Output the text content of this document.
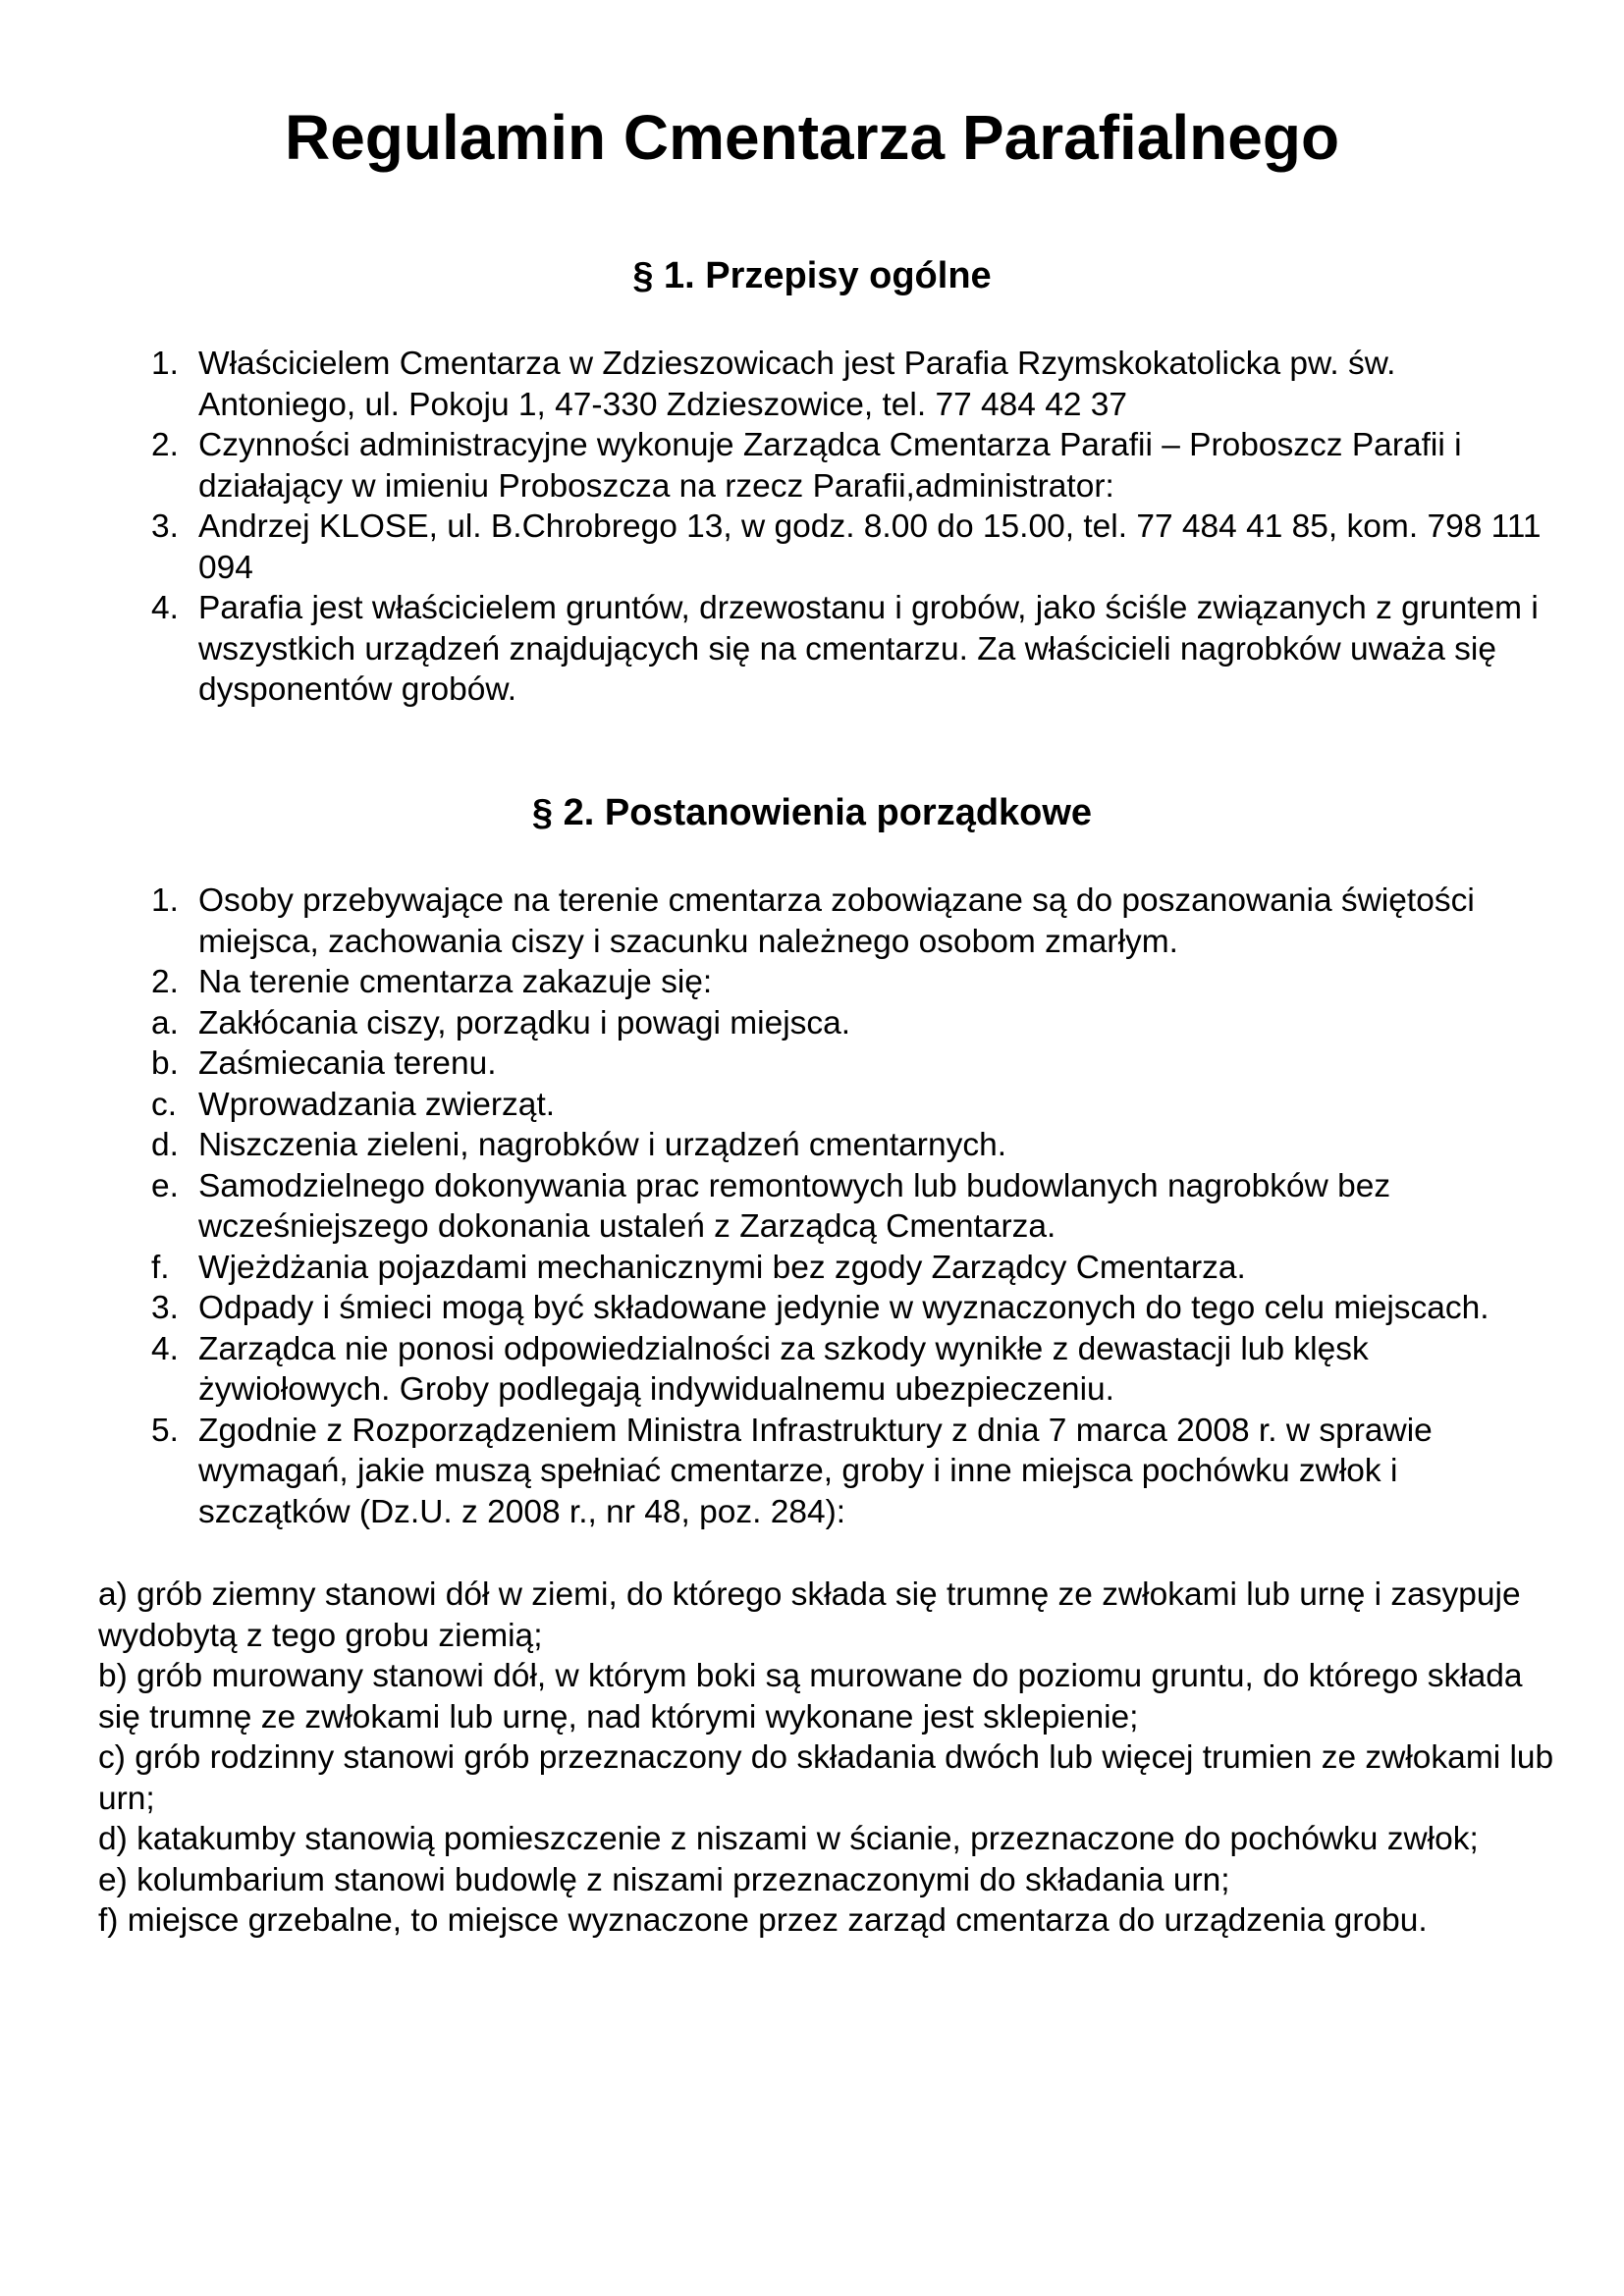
Regulamin Cmentarza Parafialnego
§ 1. Przepisy ogólne
1. Właścicielem Cmentarza w Zdzieszowicach jest Parafia Rzymskokatolicka pw. św. Antoniego, ul. Pokoju 1, 47-330 Zdzieszowice, tel. 77 484 42 37
2. Czynności administracyjne wykonuje Zarządca Cmentarza Parafii – Proboszcz Parafii i działający w imieniu Proboszcza na rzecz Parafii,administrator:
3. Andrzej KLOSE, ul. B.Chrobrego 13, w godz. 8.00 do 15.00, tel. 77 484 41 85, kom. 798 111 094
4. Parafia jest właścicielem gruntów, drzewostanu i grobów, jako ściśle związanych z gruntem i wszystkich urządzeń znajdujących się na cmentarzu. Za właścicieli nagrobków uważa się dysponentów grobów.
§ 2. Postanowienia porządkowe
1. Osoby przebywające na terenie cmentarza zobowiązane są do poszanowania świętości miejsca, zachowania ciszy i szacunku należnego osobom zmarłym.
2. Na terenie cmentarza zakazuje się:
a. Zakłócania ciszy, porządku i powagi miejsca.
b. Zaśmiecania terenu.
c. Wprowadzania zwierząt.
d. Niszczenia zieleni, nagrobków i urządzeń cmentarnych.
e. Samodzielnego dokonywania prac remontowych lub budowlanych nagrobków bez wcześniejszego dokonania ustaleń z Zarządcą Cmentarza.
f. Wjeżdżania pojazdami mechanicznymi bez zgody Zarządcy Cmentarza.
3. Odpady i śmieci mogą być składowane jedynie w wyznaczonych do tego celu miejscach.
4. Zarządca nie ponosi odpowiedzialności za szkody wynikłe z dewastacji lub klęsk żywiołowych. Groby podlegają indywidualnemu ubezpieczeniu.
5. Zgodnie z Rozporządzeniem Ministra Infrastruktury z dnia 7 marca 2008 r. w sprawie wymagań, jakie muszą spełniać cmentarze, groby i inne miejsca pochówku zwłok i szczątków (Dz.U. z 2008 r., nr 48, poz. 284):

a) grób ziemny stanowi dół w ziemi, do którego składa się trumnę ze zwłokami lub urnę i zasypuje wydobytą z tego grobu ziemią;

b) grób murowany stanowi dół, w którym boki są murowane do poziomu gruntu, do którego składa się trumnę ze zwłokami lub urnę, nad którymi wykonane jest sklepienie;

c) grób rodzinny stanowi grób przeznaczony do składania dwóch lub więcej trumien ze zwłokami lub urn;

d) katakumby stanowią pomieszczenie z niszami w ścianie, przeznaczone do pochówku zwłok;

e) kolumbarium stanowi budowlę z niszami przeznaczonymi do składania urn;

f) miejsce grzebalne, to miejsce wyznaczone przez zarząd cmentarza do urządzenia grobu.
